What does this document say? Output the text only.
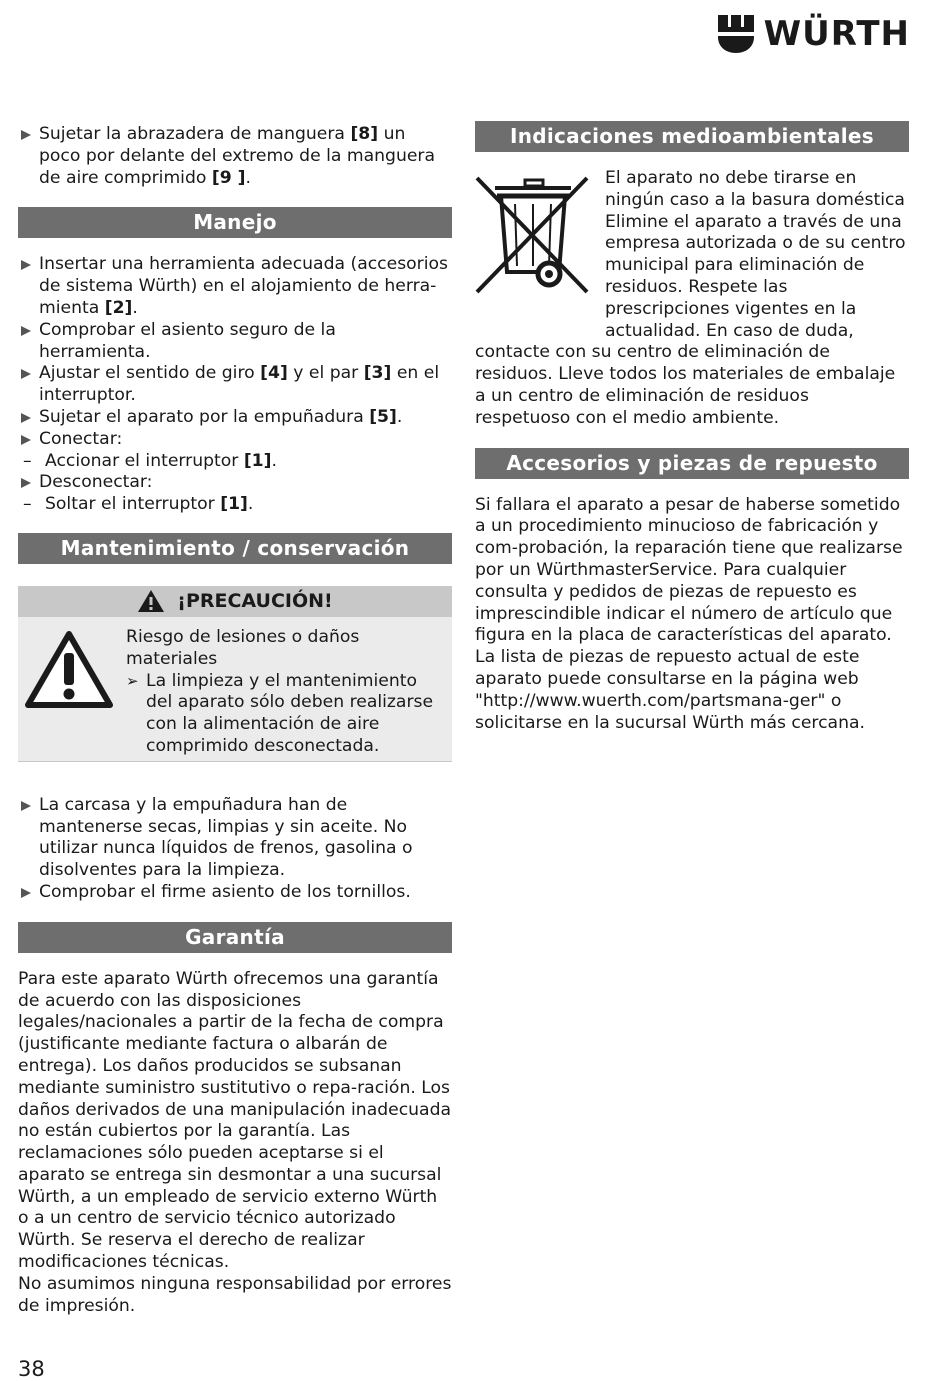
WÜRTH
Sujetar la abrazadera de manguera [8] un poco por delante del extremo de la manguera de aire comprimido [9 ].
Manejo
Insertar una herramienta adecuada (accesorios de sistema Würth) en el alojamiento de herra-mienta [2].
Comprobar el asiento seguro de la herramienta.
Ajustar el sentido de giro [4] y el par [3] en el interruptor.
Sujetar el aparato por la empuñadura [5].
Conectar:
– Accionar el interruptor [1].
Desconectar:
– Soltar el interruptor [1].
Mantenimiento / conservación
¡PRECAUCIÓN!
Riesgo de lesiones o daños materiales
➢ La limpieza y el mantenimiento del aparato sólo deben realizarse con la alimentación de aire comprimido desconectada.
La carcasa y la empuñadura han de mantenerse secas, limpias y sin aceite. No utilizar nunca líquidos de frenos, gasolina o disolventes para la limpieza.
Comprobar el firme asiento de los tornillos.
Garantía

Para este aparato Würth ofrecemos una garantía de acuerdo con las disposiciones legales/nacionales a partir de la fecha de compra (justificante mediante factura o albarán de entrega). Los daños producidos se subsanan mediante suministro sustitutivo o repa-ración. Los daños derivados de una manipulación inadecuada no están cubiertos por la garantía. Las reclamaciones sólo pueden aceptarse si el aparato se entrega sin desmontar a una sucursal Würth, a un empleado de servicio externo Würth o a un centro de servicio técnico autorizado Würth. Se reserva el derecho de realizar modificaciones técnicas.

No asumimos ninguna responsabilidad por errores de impresión.

Indicaciones medioambientales

El aparato no debe tirarse en ningún caso a la basura doméstica Elimine el aparato a través de una empresa autorizada o de su centro municipal para eliminación de residuos. Respete las prescripciones vigentes en la actualidad. En caso de duda,

contacte con su centro de eliminación de residuos. Lleve todos los materiales de embalaje a un centro de eliminación de residuos respetuoso con el medio ambiente.

Accesorios y piezas de repuesto

Si fallara el aparato a pesar de haberse sometido a un procedimiento minucioso de fabricación y com-probación, la reparación tiene que realizarse por un WürthmasterService. Para cualquier consulta y pedidos de piezas de repuesto es imprescindible indicar el número de artículo que figura en la placa de características del aparato. La lista de piezas de repuesto actual de este aparato puede consultarse en la página web "http://www.wuerth.com/partsmana-ger" o solicitarse en la sucursal Würth más cercana.

38
